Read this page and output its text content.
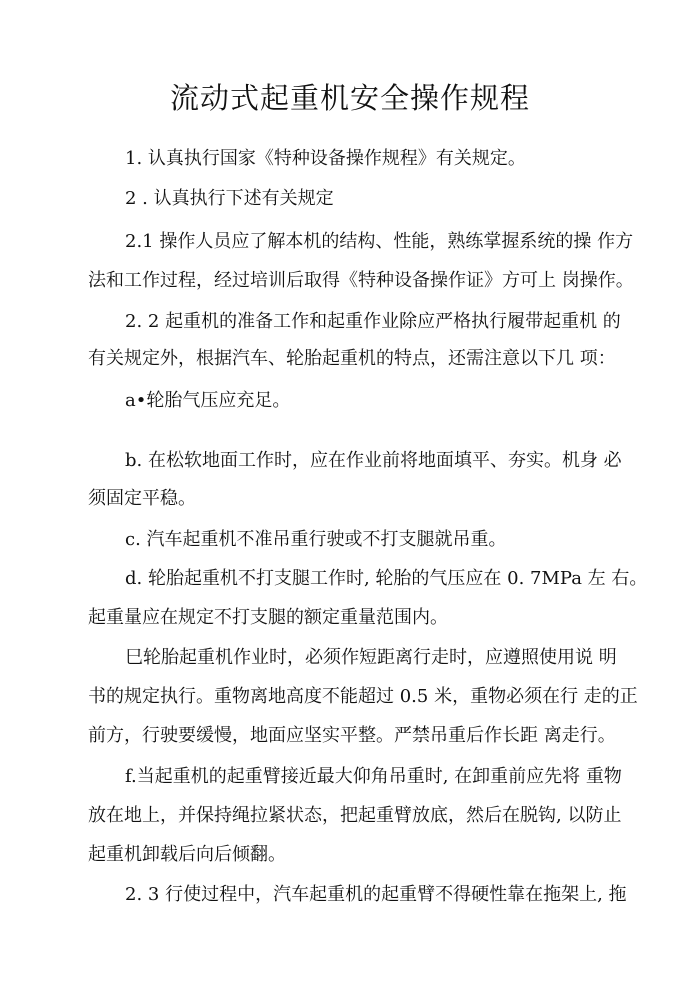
流动式起重机安全操作规程
1. 认真执行国家《特种设备操作规程》有关规定。
2 . 认真执行下述有关规定
2.1 操作人员应了解本机的结构、性能，熟练掌握系统的操 作方
法和工作过程，经过培训后取得《特种设备操作证》方可上 岗操作。
2. 2 起重机的准备工作和起重作业除应严格执行履带起重机 的
有关规定外，根据汽车、轮胎起重机的特点，还需注意以下几 项：
a•轮胎气压应充足。
b. 在松软地面工作时，应在作业前将地面填平、夯实。机身 必
须固定平稳。
c. 汽车起重机不准吊重行驶或不打支腿就吊重。
d. 轮胎起重机不打支腿工作时, 轮胎的气压应在 0. 7MPa 左 右。
起重量应在规定不打支腿的额定重量范围内。
巳轮胎起重机作业时，必须作短距离行走时，应遵照使用说 明
书的规定执行。重物离地高度不能超过 0.5 米，重物必须在行 走的正
前方，行驶要缓慢，地面应坚实平整。严禁吊重后作长距 离走行。
f.当起重机的起重臂接近最大仰角吊重时, 在卸重前应先将 重物
放在地上，并保持绳拉紧状态，把起重臂放底，然后在脱钩, 以防止
起重机卸载后向后倾翻。
2. 3 行使过程中，汽车起重机的起重臂不得硬性靠在拖架上, 拖
